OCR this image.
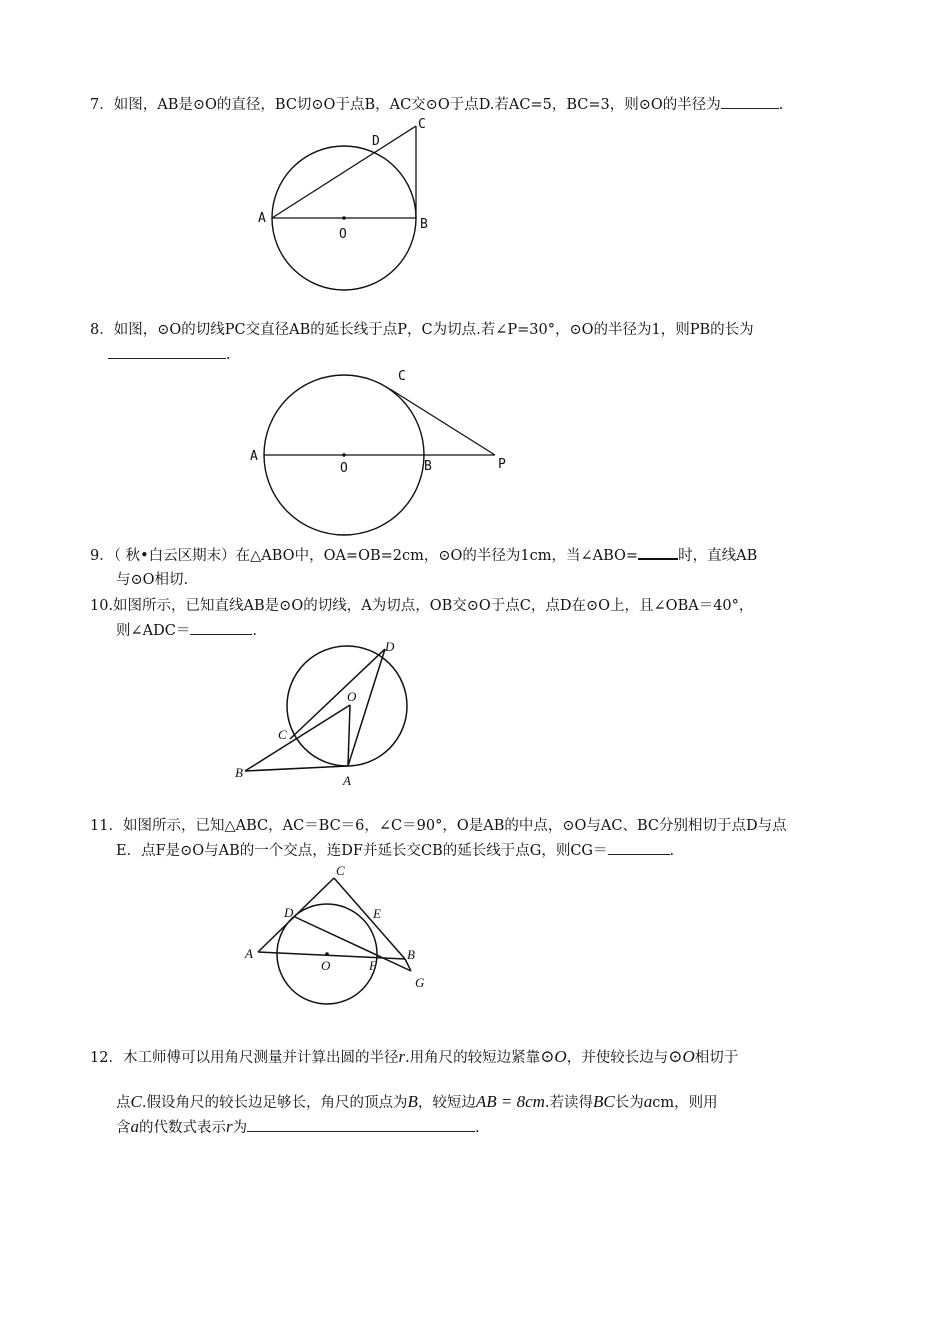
7．如图，AB是⊙O的直径，BC切⊙O于点B，AC交⊙O于点D.若AC=5，BC=3，则⊙O的半径为	.
A	B
C
D
O
8．如图，⊙O的切线PC交直径AB的延长线于点P，C为切点.若∠P=30°，⊙O的半径为1，则PB的长为
.
A
B
C
O	P
9．（ 秋•白云区期末）在△ABO中，OA=OB=2cm，⊙O的半径为1cm，当∠ABO=	时，直线AB
与⊙O相切.
10.如图所示，已知直线AB是⊙O的切线，A为切点，OB交⊙O于点C，点D在⊙O上，且∠OBA＝40°，
则∠ADC＝	.
B
A
C
D
O
11．如图所示，已知△ABC，AC＝BC＝6，∠C＝90°，O是AB的中点，⊙O与AC、BC分别相切于点D与点
E．点F是⊙O与AB的一个交点，连DF并延长交CB的延长线于点G，则CG＝	.
A	B
C
D	E
F
G
O
12．木工师傅可以用角尺测量并计算出圆的半径r.用角尺的较短边紧靠⊙O，并使较长边与⊙O相切于
点C.假设角尺的较长边足够长，角尺的顶点为B，较短边AB = 8cm.若读得BC长为acm，则用
含a的代数式表示r为	.
